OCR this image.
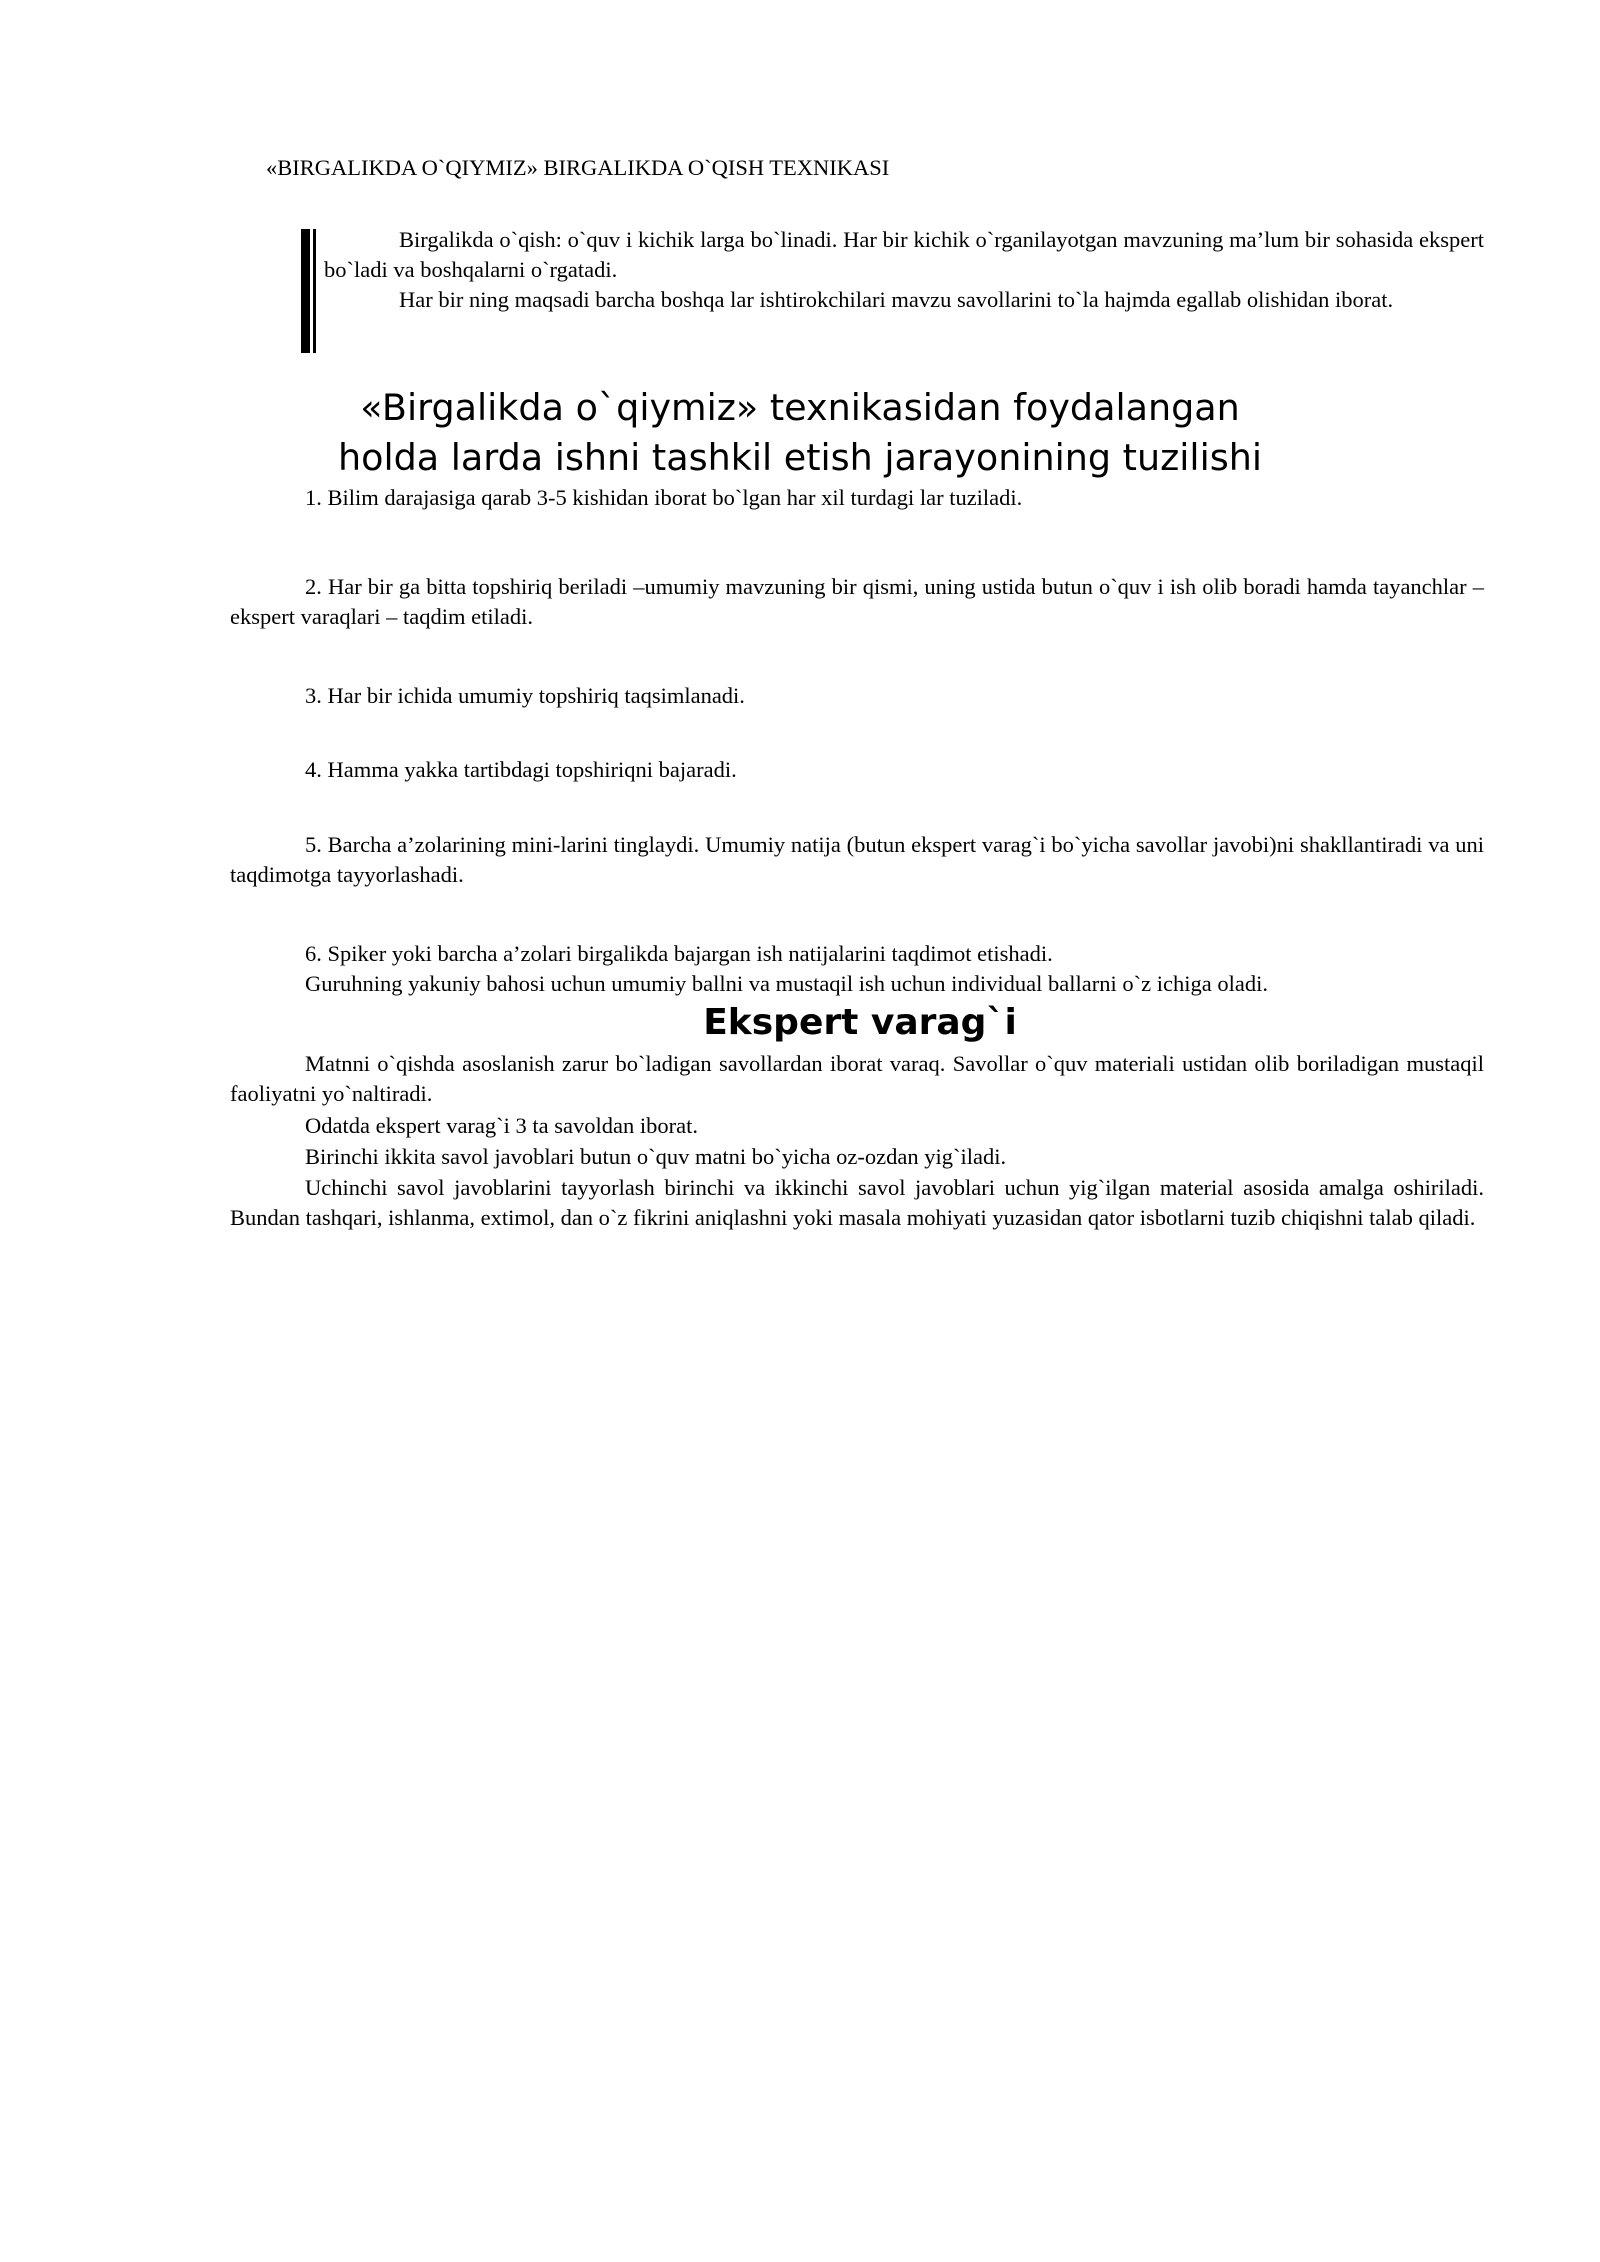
«BIRGALIKDA O`QIYMIZ» BIRGALIKDA O`QISH TEXNIKASI

Birgalikda o`qish: o`quv i kichik larga bo`linadi. Har bir kichik o`rganilayotgan mavzuning ma’lum bir sohasida ekspert bo`ladi va boshqalarni o`rgatadi.

Har bir ning maqsadi barcha boshqa lar ishtirokchilari mavzu savollarini to`la hajmda egallab olishidan iborat.

«Birgalikda o`qiymiz» texnikasidan foydalangan
holda larda ishni tashkil etish jarayonining tuzilishi

1. Bilim darajasiga qarab 3-5 kishidan iborat bo`lgan har xil turdagi lar tuziladi.

2. Har bir ga bitta topshiriq beriladi –umumiy mavzuning bir qismi, uning ustida butun o`quv i ish olib boradi hamda tayanchlar – ekspert varaqlari – taqdim etiladi.

3. Har bir ichida umumiy topshiriq taqsimlanadi.

4. Hamma yakka tartibdagi topshiriqni bajaradi.

5. Barcha a’zolarining mini-larini tinglaydi. Umumiy natija (butun ekspert varag`i bo`yicha savollar javobi)ni shakllantiradi va uni taqdimotga tayyorlashadi.

6. Spiker yoki barcha a’zolari birgalikda bajargan ish natijalarini taqdimot etishadi.

Guruhning yakuniy bahosi uchun umumiy ballni va mustaqil ish uchun individual ballarni o`z ichiga oladi.

Ekspert varag`i

Matnni o`qishda asoslanish zarur bo`ladigan savollardan iborat varaq. Savollar o`quv materiali ustidan olib boriladigan mustaqil faoliyatni yo`naltiradi.

Odatda ekspert varag`i 3 ta savoldan iborat.

Birinchi ikkita savol javoblari butun o`quv matni bo`yicha oz-ozdan yig`iladi.

Uchinchi savol javoblarini tayyorlash birinchi va ikkinchi savol javoblari uchun yig`ilgan material asosida amalga oshiriladi. Bundan tashqari, ishlanma, extimol, dan o`z fikrini aniqlashni yoki masala mohiyati yuzasidan qator isbotlarni tuzib chiqishni talab qiladi.
